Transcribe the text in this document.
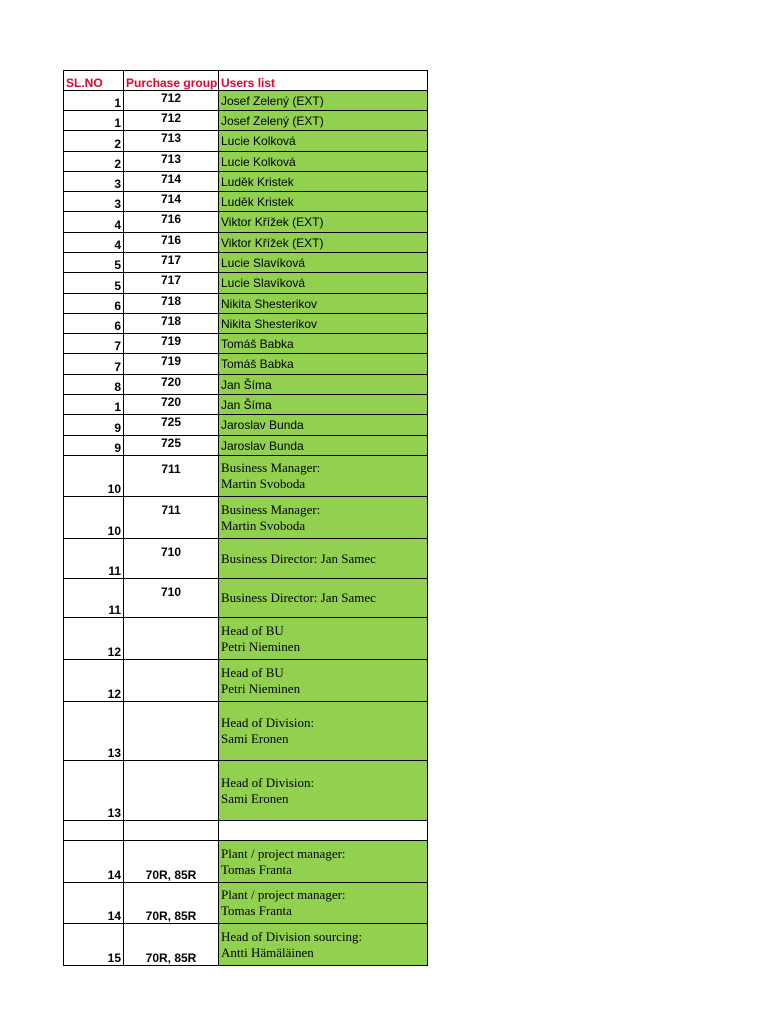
SL.NO	Purchase group	Users list
1	712	Josef Zelený (EXT)

1	712	Josef Zelený (EXT)

2	713	Lucie Kolková

2	713	Lucie Kolková

3	714	Luděk Kristek

3	714	Luděk Kristek

4	716	Viktor Křížek (EXT)

4	716	Viktor Křížek (EXT)

5	717	Lucie Slavíková

5	717	Lucie Slavíková

6	718	Nikita Shesterikov

6	718	Nikita Shesterikov

7	719	Tomáš Babka

7	719	Tomáš Babka

8	720	Jan Šíma

1	720	Jan Šíma

9	725	Jaroslav Bunda

9	725	Jaroslav Bunda

10	711	Business Manager:
Martin Svoboda

10	711	Business Manager:
Martin Svoboda

11	710	Business Director: Jan Samec

11	710	Business Director: Jan Samec

12		Head of BU
Petri Nieminen

12		Head of BU
Petri Nieminen

13		Head of Division:
Sami Eronen

13		Head of Division:
Sami Eronen

14	70R, 85R	Plant / project manager:
Tomas Franta

14	70R, 85R	Plant / project manager:
Tomas Franta

15	70R, 85R	Head of Division sourcing:
Antti Hämäläinen
